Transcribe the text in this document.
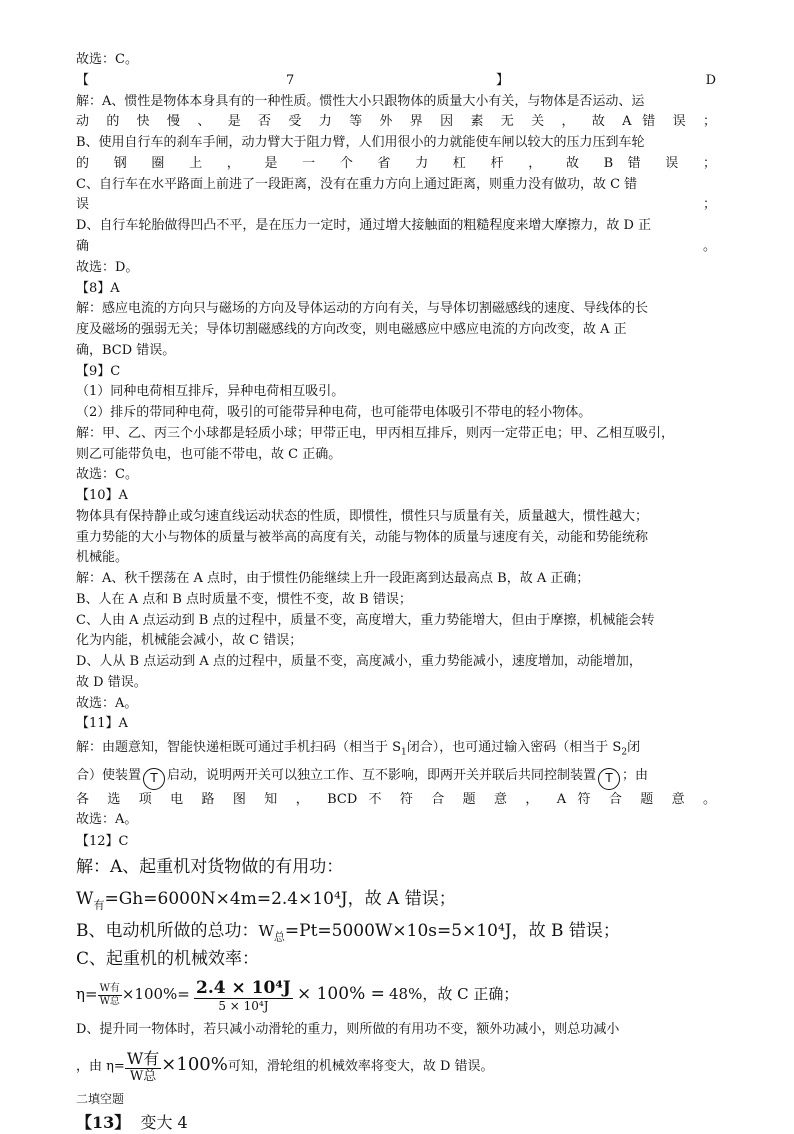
故选：C。
【	7	】	D
解：A、惯性是物体本身具有的一种性质。惯性大小只跟物体的质量大小有关，与物体是否运动、运
动 的 快 慢 、 是 否 受 力 等 外 界 因 素 无 关 ， 故 A 错 误 ；
B、使用自行车的刹车手闸，动力臂大于阻力臂，人们用很小的力就能使车闸以较大的压力压到车轮
的 钢 圈 上 ， 是 一 个 省 力 杠 杆 ， 故 B 错 误 ；
C、自行车在水平路面上前进了一段距离，没有在重力方向上通过距离，则重力没有做功，故 C 错
误 ；
D、自行车轮胎做得凹凸不平，是在压力一定时，通过增大接触面的粗糙程度来增大摩擦力，故 D 正
确 。
故选：D。
【8】A
解：感应电流的方向只与磁场的方向及导体运动的方向有关，与导体切割磁感线的速度、导线体的长
度及磁场的强弱无关；导体切割磁感线的方向改变，则电磁感应中感应电流的方向改变，故 A 正
确，BCD 错误。
【9】C
（1）同种电荷相互排斥，异种电荷相互吸引。
（2）排斥的带同种电荷，吸引的可能带异种电荷，也可能带电体吸引不带电的轻小物体。
解：甲、乙、丙三个小球都是轻质小球；甲带正电，甲丙相互排斥，则丙一定带正电；甲、乙相互吸引，
则乙可能带负电，也可能不带电，故 C 正确。
故选：C。
【10】A
物体具有保持静止或匀速直线运动状态的性质，即惯性，惯性只与质量有关，质量越大，惯性越大；
重力势能的大小与物体的质量与被举高的高度有关，动能与物体的质量与速度有关，动能和势能统称
机械能。
解：A、秋千摆荡在 A 点时，由于惯性仍能继续上升一段距离到达最高点 B，故 A 正确；
B、人在 A 点和 B 点时质量不变，惯性不变，故 B 错误；
C、人由 A 点运动到 B 点的过程中，质量不变，高度增大，重力势能增大，但由于摩擦，机械能会转
化为内能，机械能会减小，故 C 错误；
D、人从 B 点运动到 A 点的过程中，质量不变，高度减小，重力势能减小，速度增加，动能增加，
故 D 错误。
故选：A。
【11】A
解：由题意知，智能快递柜既可通过手机扫码（相当于 $S_1$闭合），也可通过输入密码（相当于 $S_2$闭
合）使装置 T 启动，说明两开关可以独立工作、互不影响，即两开关并联后共同控制装置 T ；由
各 选 项 电 路 图 知 ， BCD 不 符 合 题 意 ， A 符 合 题 意 。
故选：A。
【12】C
解：A、起重机对货物做的有用功：
$W_有=Gh=6000N\times 4m=2.4\times 10^4J$，故 A 错误；
B、电动机所做的总功：$W_总=Pt=5000W\times 10s=5\times 10^4J$，故 B 错误；
C、起重机的机械效率：
$\eta= \frac{\text{W有}}{\text{W总}} \times 100\%= \frac{\text{2.4 × 10⁴J}}{\text{5 × 10⁴J}} \times 100\% = 48\%$，故 C 正确；
D、提升同一物体时，若只减小动滑轮的重力，则所做的有用功不变，额外功减小，则总功减小
，由 $\eta= \frac{\text{W有}}{\text{W总}} \times 100\%$可知，滑轮组的机械效率将变大，故 D 错误。
二填空题
【13】 变大 4
